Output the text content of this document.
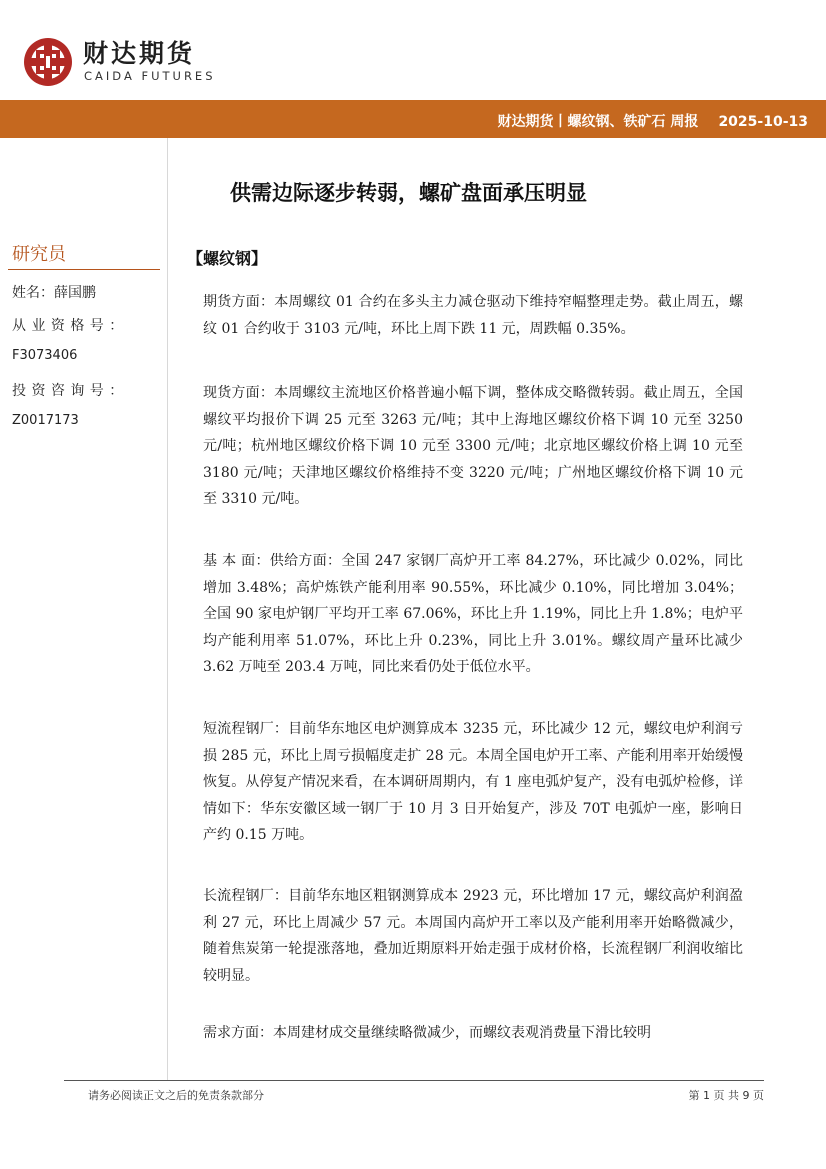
财达期货
CAIDA FUTURES
财达期货丨螺纹钢、铁矿石 周报 2025-10-13
供需边际逐步转弱，螺矿盘面承压明显
研究员
姓名：薛国鹏
从 业 资 格 号 ：
F3073406
投 资 咨 询 号 ：
Z0017173
【螺纹钢】
期货方面：本周螺纹 01 合约在多头主力减仓驱动下维持窄幅整理走势。截止周五，螺纹 01 合约收于 3103 元/吨，环比上周下跌 11 元，周跌幅 0.35%。
现货方面：本周螺纹主流地区价格普遍小幅下调，整体成交略微转弱。截止周五，全国螺纹平均报价下调 25 元至 3263 元/吨；其中上海地区螺纹价格下调 10 元至 3250 元/吨；杭州地区螺纹价格下调 10 元至 3300 元/吨；北京地区螺纹价格上调 10 元至 3180 元/吨；天津地区螺纹价格维持不变 3220 元/吨；广州地区螺纹价格下调 10 元至 3310 元/吨。
基 本 面：供给方面：全国 247 家钢厂高炉开工率 84.27%，环比减少 0.02%，同比增加 3.48%；高炉炼铁产能利用率 90.55%，环比减少 0.10%，同比增加 3.04%；全国 90 家电炉钢厂平均开工率 67.06%，环比上升 1.19%，同比上升 1.8%；电炉平均产能利用率 51.07%，环比上升 0.23%，同比上升 3.01%。螺纹周产量环比减少 3.62 万吨至 203.4 万吨，同比来看仍处于低位水平。
短流程钢厂：目前华东地区电炉测算成本 3235 元，环比减少 12 元，螺纹电炉利润亏损 285 元，环比上周亏损幅度走扩 28 元。本周全国电炉开工率、产能利用率开始缓慢恢复。从停复产情况来看，在本调研周期内，有 1 座电弧炉复产，没有电弧炉检修，详情如下：华东安徽区域一钢厂于 10 月 3 日开始复产，涉及 70T 电弧炉一座，影响日产约 0.15 万吨。
长流程钢厂：目前华东地区粗钢测算成本 2923 元，环比增加 17 元，螺纹高炉利润盈利 27 元，环比上周减少 57 元。本周国内高炉开工率以及产能利用率开始略微减少，随着焦炭第一轮提涨落地，叠加近期原料开始走强于成材价格，长流程钢厂利润收缩比较明显。
需求方面：本周建材成交量继续略微减少，而螺纹表观消费量下滑比较明
请务必阅读正文之后的免责条款部分	第 1 页 共 9 页
